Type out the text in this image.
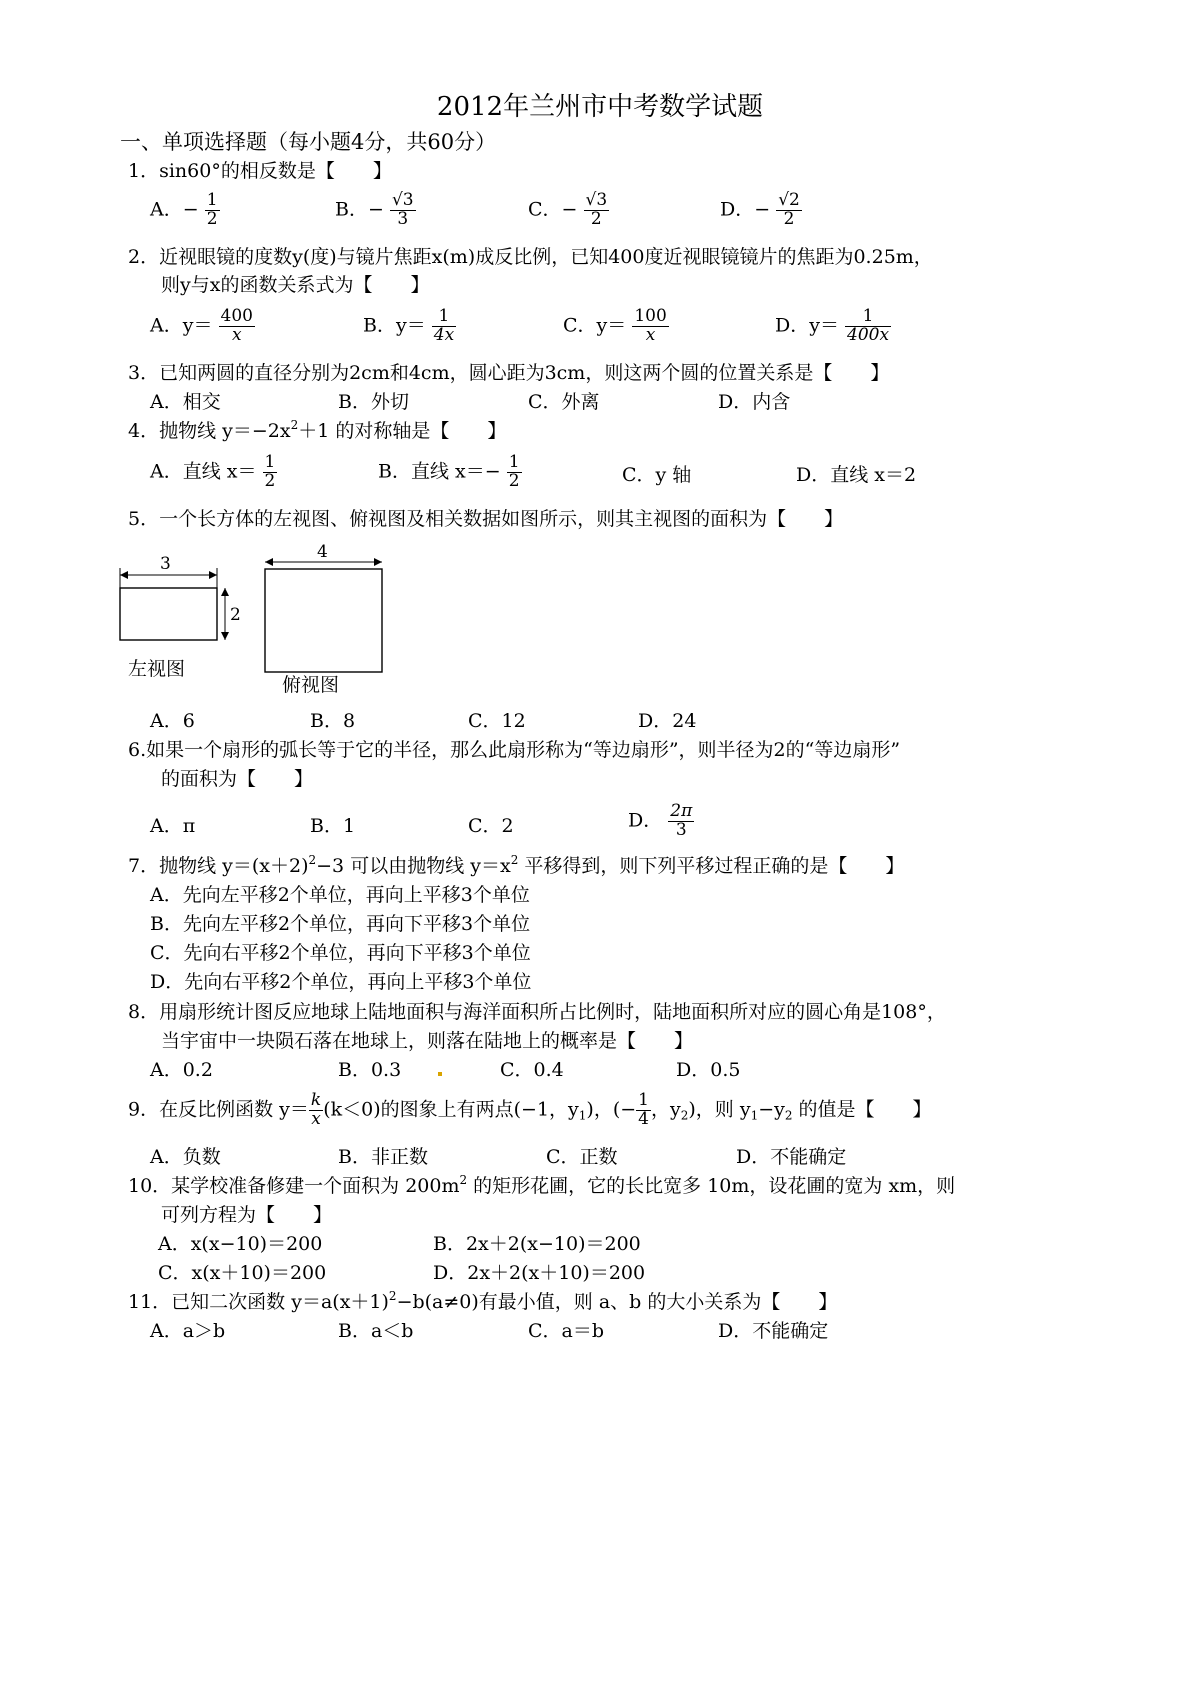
2012年兰州市中考数学试题
一、单项选择题（每小题4分，共60分）
1．sin60°的相反数是【　　】
A．− $\frac{1}{2}$	B．− $\frac{√3}{3}$	C．− $\frac{√3}{2}$	D．− $\frac{√2}{2}$
2．近视眼镜的度数y(度)与镜片焦距x(m)成反比例，已知400度近视眼镜镜片的焦距为0.25m，
则y与x的函数关系式为【　　】
A．$y= \frac{400}{x}$	B．$y= \frac{1}{4x}$	C．$y= \frac{100}{x}$	D．$y= \frac{1}{400x}$
3．已知两圆的直径分别为2cm和4cm，圆心距为3cm，则这两个圆的位置关系是【　　】
A．相交	B．外切	C．外离	D．内含
4．抛物线 $y=-2x^2+1$ 的对称轴是【　　】
A．直线 $x= \frac{1}{2}$	B．直线 $x=- \frac{1}{2}$	C．y 轴	D．直线 x＝2
5．一个长方体的左视图、俯视图及相关数据如图所示，则其主视图的面积为【　　】
3
2
4
左视图
俯视图
A．6	B．8	C．12	D．24
6.如果一个扇形的弧长等于它的半径，那么此扇形称为“等边扇形”，则半径为2的“等边扇形”
的面积为【　　】
A．π	B．1	C．2	D． $\frac{2\pi}{3}$
7．抛物线 $y=(x+2)^2-3$ 可以由抛物线 $y=x^2$ 平移得到，则下列平移过程正确的是【　　】
A．先向左平移2个单位，再向上平移3个单位
B．先向左平移2个单位，再向下平移3个单位
C．先向右平移2个单位，再向下平移3个单位
D．先向右平移2个单位，再向上平移3个单位
8．用扇形统计图反应地球上陆地面积与海洋面积所占比例时，陆地面积所对应的圆心角是108°，
当宇宙中一块陨石落在地球上，则落在陆地上的概率是【　　】
A．0.2	B．0.3	C．0.4	D．0.5
9．在反比例函数 $y= \frac{k}{x} (k<0)$的图象上有两点(−1，$y_1$)，(− $\frac{1}{4}$ ，$y_2$)，则 $y_1-y_2$ 的值是【　　】
A．负数	B．非正数	C．正数	D．不能确定
10．某学校准备修建一个面积为 $200m^2$ 的矩形花圃，它的长比宽多 10m，设花圃的宽为 xm，则
可列方程为【　　】
A．x(x−10)＝200	B．2x＋2(x−10)＝200
C．x(x＋10)＝200	D．2x＋2(x＋10)＝200
11．已知二次函数 $y=a(x+1)^2-b(a\ne 0)$有最小值，则 a、b 的大小关系为【　　】
A．a＞b	B．a＜b	C．a＝b	D．不能确定
